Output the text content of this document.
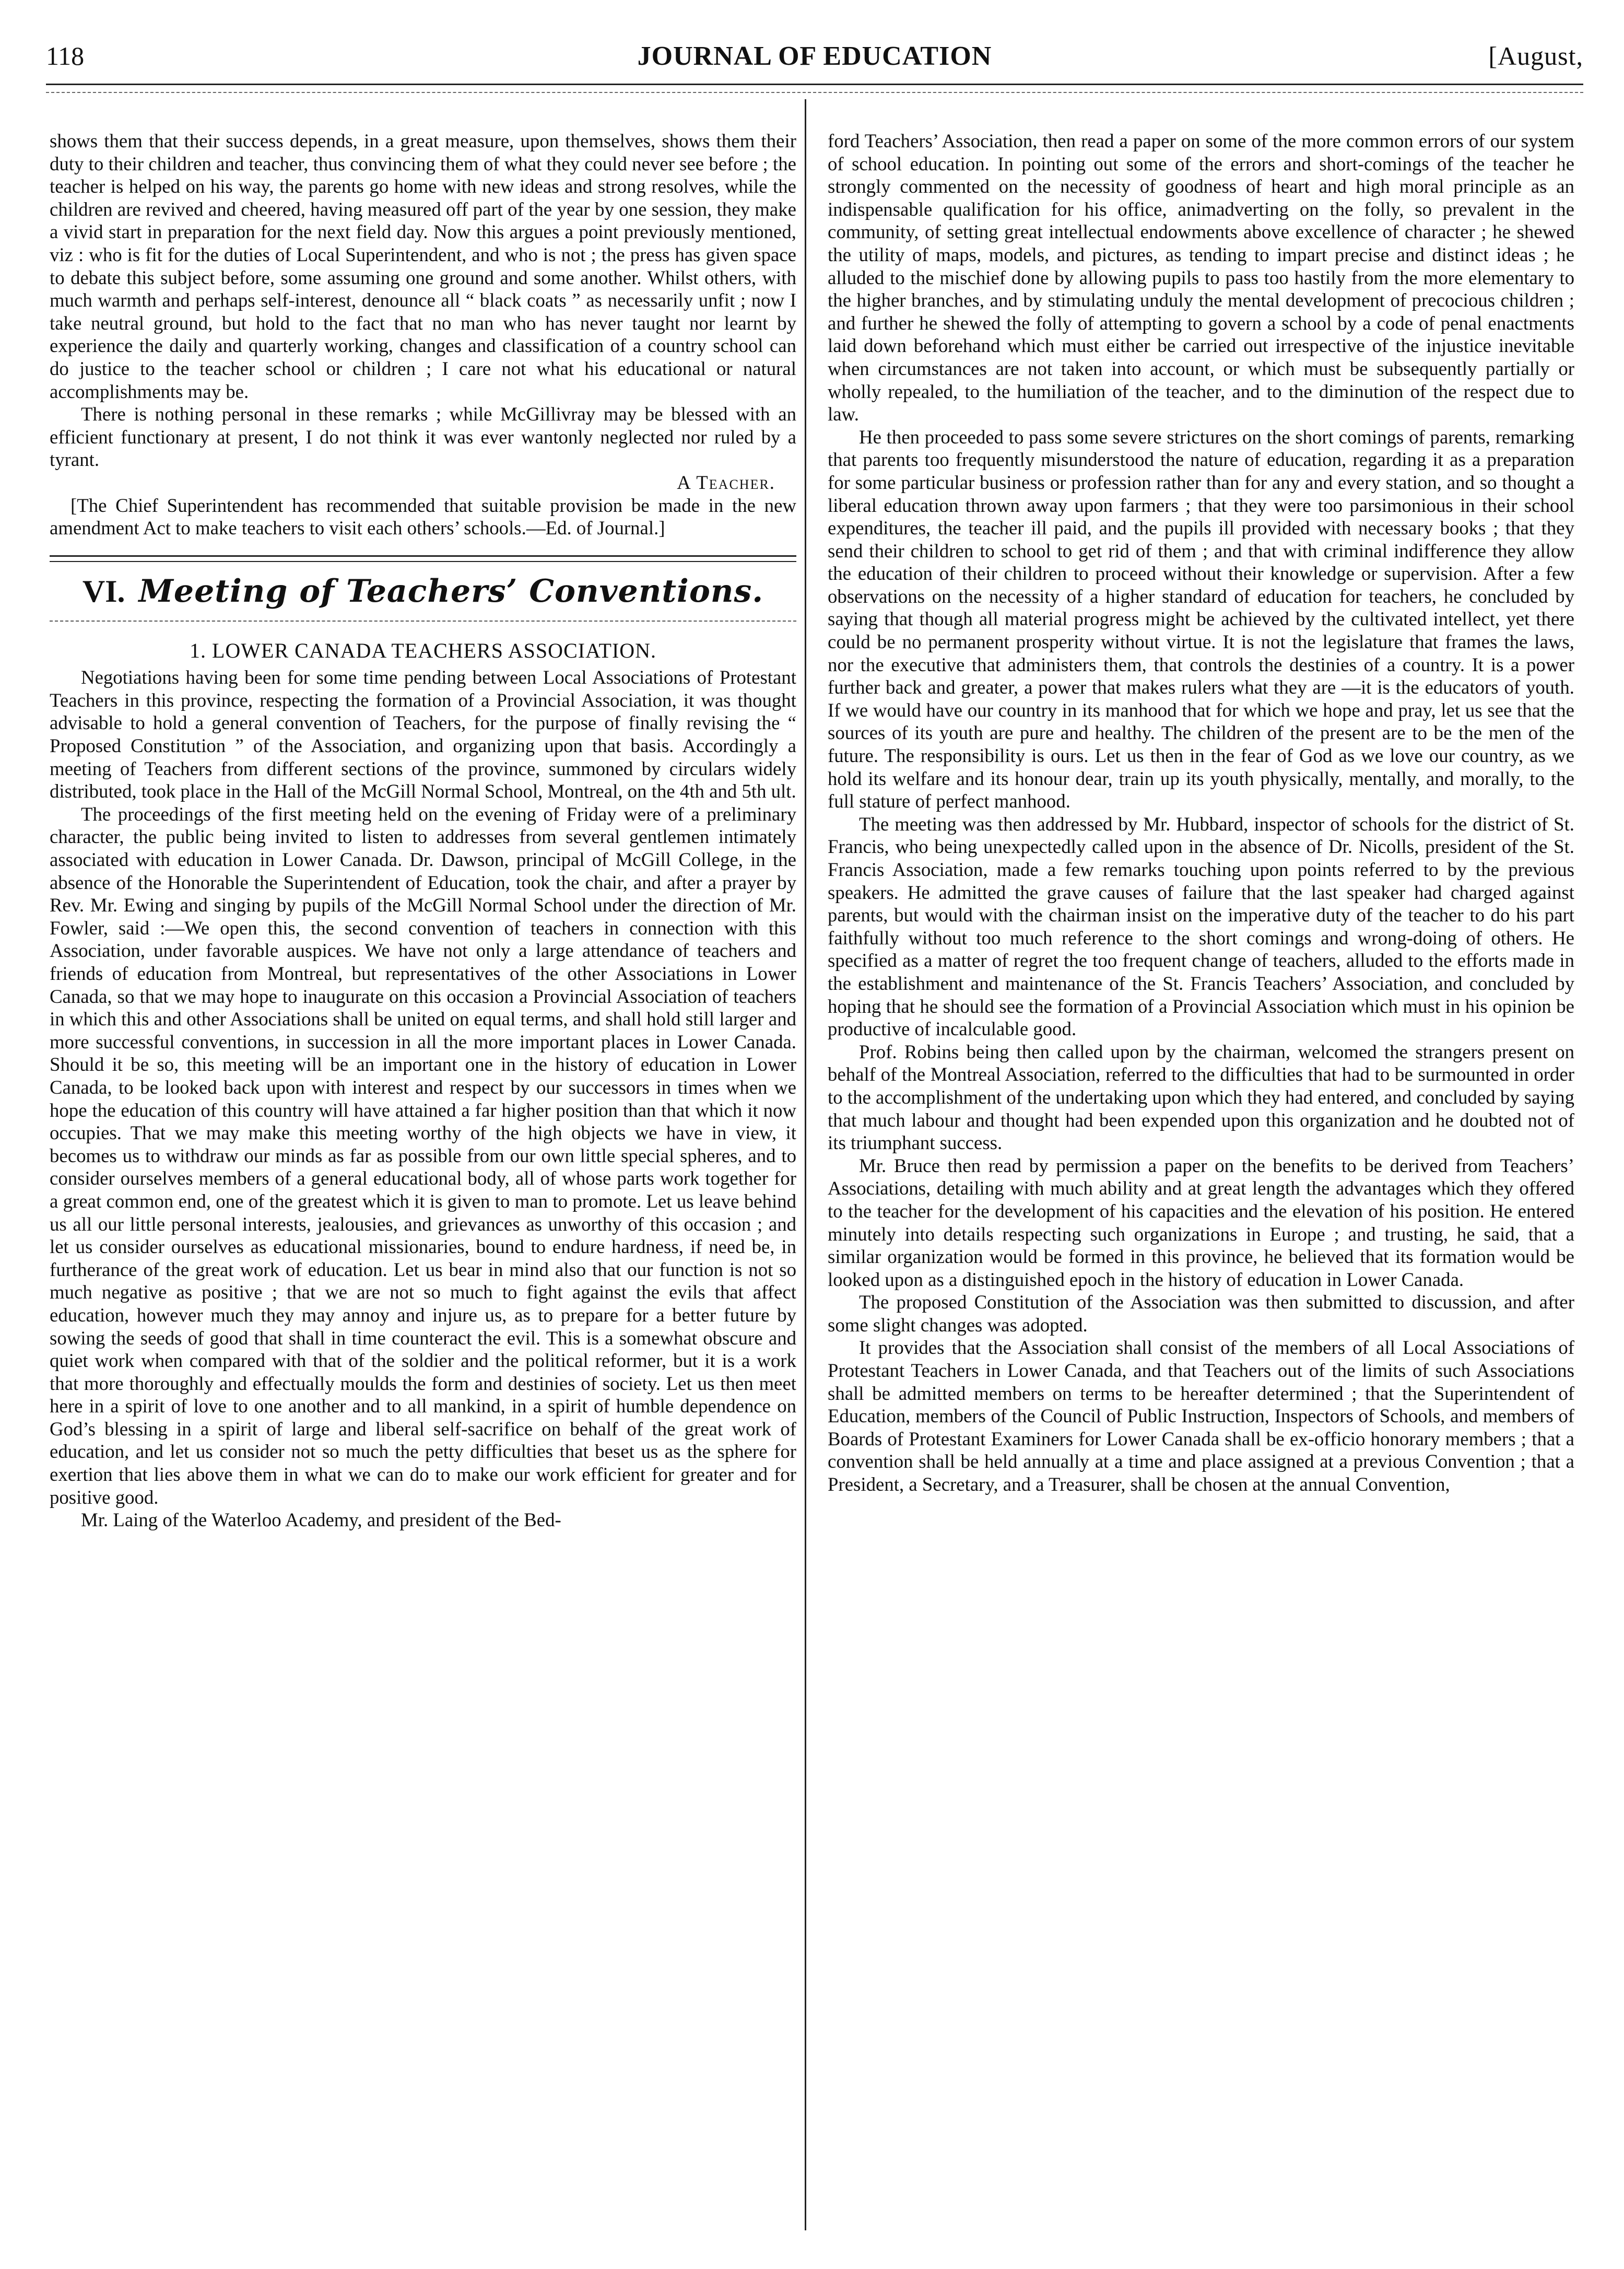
118	JOURNAL OF EDUCATION	[August,

shows them that their success depends, in a great measure, upon themselves, shows them their duty to their children and teacher, thus convincing them of what they could never see before ; the teacher is helped on his way, the parents go home with new ideas and strong resolves, while the children are revived and cheered, having measured off part of the year by one session, they make a vivid start in preparation for the next field day. Now this argues a point previously mentioned, viz : who is fit for the duties of Local Superintendent, and who is not ; the press has given space to debate this subject before, some assuming one ground and some another. Whilst others, with much warmth and perhaps self-interest, denounce all “ black coats ” as necessarily unfit ; now I take neutral ground, but hold to the fact that no man who has never taught nor learnt by experience the daily and quarterly working, changes and classification of a country school can do justice to the teacher school or children ; I care not what his educational or natural accomplishments may be.

There is nothing personal in these remarks ; while McGillivray may be blessed with an efficient functionary at present, I do not think it was ever wantonly neglected nor ruled by a tyrant.

A Teacher.

[The Chief Superintendent has recommended that suitable provision be made in the new amendment Act to make teachers to visit each others’ schools.—Ed. of Journal.]

VI. Meeting of Teachers’ Conventions.
1. LOWER CANADA TEACHERS ASSOCIATION.

Negotiations having been for some time pending between Local Associations of Protestant Teachers in this province, respecting the formation of a Provincial Association, it was thought advisable to hold a general convention of Teachers, for the purpose of finally revising the “ Proposed Constitution ” of the Association, and organizing upon that basis. Accordingly a meeting of Teachers from different sections of the province, summoned by circulars widely distributed, took place in the Hall of the McGill Normal School, Montreal, on the 4th and 5th ult.

The proceedings of the first meeting held on the evening of Friday were of a preliminary character, the public being invited to listen to addresses from several gentlemen intimately associated with education in Lower Canada. Dr. Dawson, principal of McGill College, in the absence of the Honorable the Superintendent of Education, took the chair, and after a prayer by Rev. Mr. Ewing and singing by pupils of the McGill Normal School under the direction of Mr. Fowler, said :—We open this, the second convention of teachers in connection with this Association, under favorable auspices. We have not only a large attendance of teachers and friends of education from Montreal, but representatives of the other Associations in Lower Canada, so that we may hope to inaugurate on this occasion a Provincial Association of teachers in which this and other Associations shall be united on equal terms, and shall hold still larger and more successful conventions, in succession in all the more important places in Lower Canada. Should it be so, this meeting will be an important one in the history of education in Lower Canada, to be looked back upon with interest and respect by our successors in times when we hope the education of this country will have attained a far higher position than that which it now occupies. That we may make this meeting worthy of the high objects we have in view, it becomes us to withdraw our minds as far as possible from our own little special spheres, and to consider ourselves members of a general educational body, all of whose parts work together for a great common end, one of the greatest which it is given to man to promote. Let us leave behind us all our little personal interests, jealousies, and grievances as unworthy of this occasion ; and let us consider ourselves as educational missionaries, bound to endure hardness, if need be, in furtherance of the great work of education. Let us bear in mind also that our function is not so much negative as positive ; that we are not so much to fight against the evils that affect education, however much they may annoy and injure us, as to prepare for a better future by sowing the seeds of good that shall in time counteract the evil. This is a somewhat obscure and quiet work when compared with that of the soldier and the political reformer, but it is a work that more thoroughly and effectually moulds the form and destinies of society. Let us then meet here in a spirit of love to one another and to all mankind, in a spirit of humble dependence on God’s blessing in a spirit of large and liberal self-sacrifice on behalf of the great work of education, and let us consider not so much the petty difficulties that beset us as the sphere for exertion that lies above them in what we can do to make our work efficient for greater and for positive good.

Mr. Laing of the Waterloo Academy, and president of the Bed-

ford Teachers’ Association, then read a paper on some of the more common errors of our system of school education. In pointing out some of the errors and short-comings of the teacher he strongly commented on the necessity of goodness of heart and high moral principle as an indispensable qualification for his office, animadverting on the folly, so prevalent in the community, of setting great intellectual endowments above excellence of character ; he shewed the utility of maps, models, and pictures, as tending to impart precise and distinct ideas ; he alluded to the mischief done by allowing pupils to pass too hastily from the more elementary to the higher branches, and by stimulating unduly the mental development of precocious children ; and further he shewed the folly of attempting to govern a school by a code of penal enactments laid down beforehand which must either be carried out irrespective of the injustice inevitable when circumstances are not taken into account, or which must be subsequently partially or wholly repealed, to the humiliation of the teacher, and to the diminution of the respect due to law.

He then proceeded to pass some severe strictures on the short comings of parents, remarking that parents too frequently misunderstood the nature of education, regarding it as a preparation for some particular business or profession rather than for any and every station, and so thought a liberal education thrown away upon farmers ; that they were too parsimonious in their school expenditures, the teacher ill paid, and the pupils ill provided with necessary books ; that they send their children to school to get rid of them ; and that with criminal indifference they allow the education of their children to proceed without their knowledge or supervision. After a few observations on the necessity of a higher standard of education for teachers, he concluded by saying that though all material progress might be achieved by the cultivated intellect, yet there could be no permanent prosperity without virtue. It is not the legislature that frames the laws, nor the executive that administers them, that controls the destinies of a country. It is a power further back and greater, a power that makes rulers what they are —it is the educators of youth. If we would have our country in its manhood that for which we hope and pray, let us see that the sources of its youth are pure and healthy. The children of the present are to be the men of the future. The responsibility is ours. Let us then in the fear of God as we love our country, as we hold its welfare and its honour dear, train up its youth physically, mentally, and morally, to the full stature of perfect manhood.

The meeting was then addressed by Mr. Hubbard, inspector of schools for the district of St. Francis, who being unexpectedly called upon in the absence of Dr. Nicolls, president of the St. Francis Association, made a few remarks touching upon points referred to by the previous speakers. He admitted the grave causes of failure that the last speaker had charged against parents, but would with the chairman insist on the imperative duty of the teacher to do his part faithfully without too much reference to the short comings and wrong-doing of others. He specified as a matter of regret the too frequent change of teachers, alluded to the efforts made in the establishment and maintenance of the St. Francis Teachers’ Association, and concluded by hoping that he should see the formation of a Provincial Association which must in his opinion be productive of incalculable good.

Prof. Robins being then called upon by the chairman, welcomed the strangers present on behalf of the Montreal Association, referred to the difficulties that had to be surmounted in order to the accomplishment of the undertaking upon which they had entered, and concluded by saying that much labour and thought had been expended upon this organization and he doubted not of its triumphant success.

Mr. Bruce then read by permission a paper on the benefits to be derived from Teachers’ Associations, detailing with much ability and at great length the advantages which they offered to the teacher for the development of his capacities and the elevation of his position. He entered minutely into details respecting such organizations in Europe ; and trusting, he said, that a similar organization would be formed in this province, he believed that its formation would be looked upon as a distinguished epoch in the history of education in Lower Canada.

The proposed Constitution of the Association was then submitted to discussion, and after some slight changes was adopted.

It provides that the Association shall consist of the members of all Local Associations of Protestant Teachers in Lower Canada, and that Teachers out of the limits of such Associations shall be admitted members on terms to be hereafter determined ; that the Superintendent of Education, members of the Council of Public Instruction, Inspectors of Schools, and members of Boards of Protestant Examiners for Lower Canada shall be ex-officio honorary members ; that a convention shall be held annually at a time and place assigned at a previous Convention ; that a President, a Secretary, and a Treasurer, shall be chosen at the annual Convention,
